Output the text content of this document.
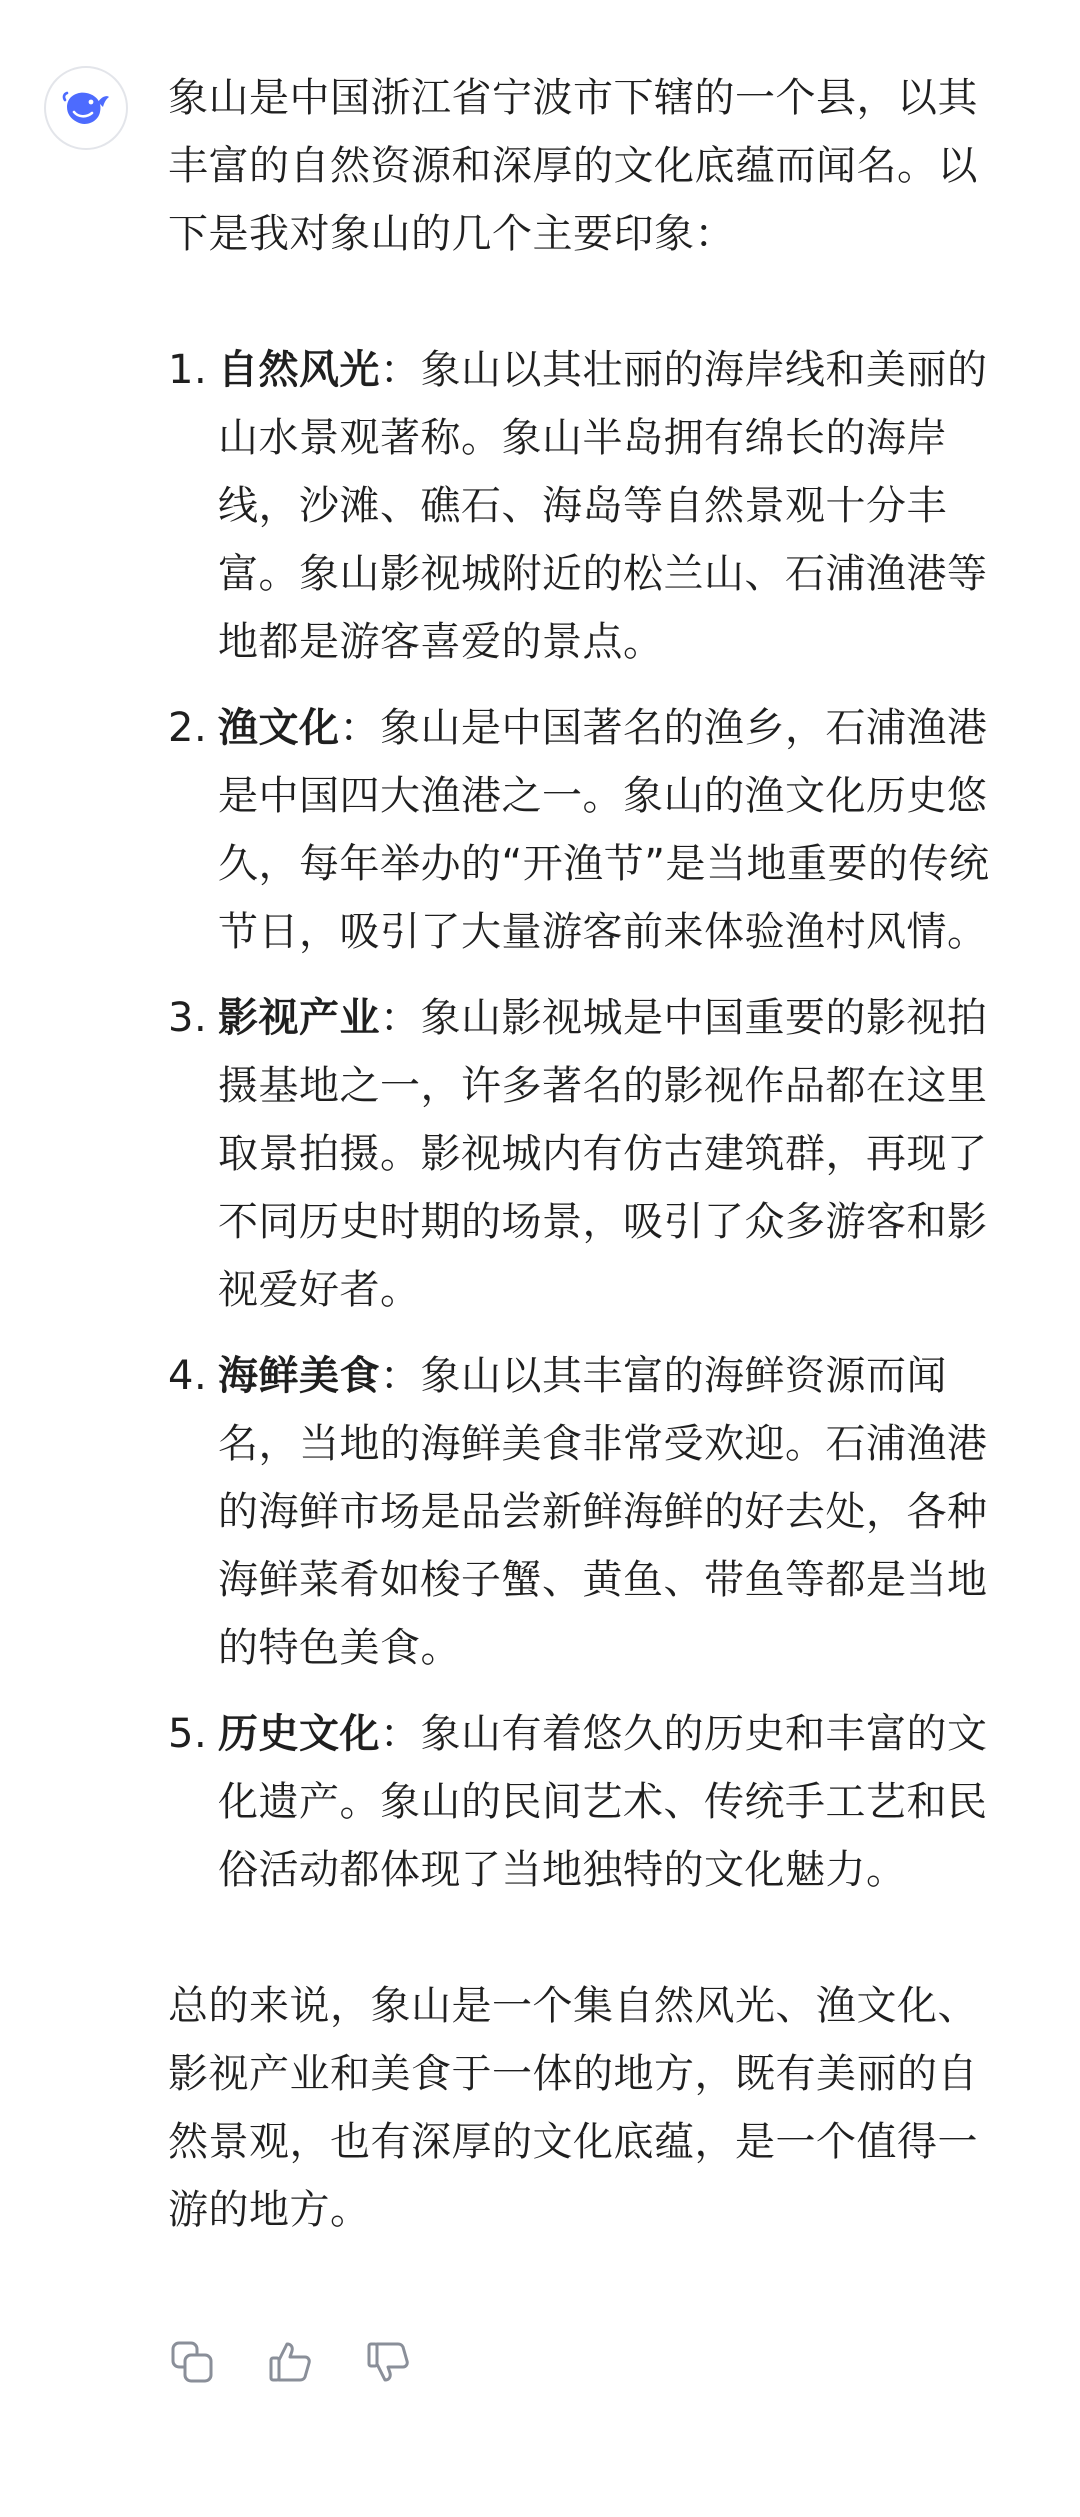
象山是中国浙江省宁波市下辖的一个县，以其丰富的自然资源和深厚的文化底蕴而闻名。以下是我对象山的几个主要印象：

1. 自然风光：象山以其壮丽的海岸线和美丽的山水景观著称。象山半岛拥有绵长的海岸线，沙滩、礁石、海岛等自然景观十分丰富。象山影视城附近的松兰山、石浦渔港等地都是游客喜爱的景点。
2. 渔文化：象山是中国著名的渔乡，石浦渔港是中国四大渔港之一。象山的渔文化历史悠久，每年举办的“开渔节”是当地重要的传统节日，吸引了大量游客前来体验渔村风情。
3. 影视产业：象山影视城是中国重要的影视拍摄基地之一，许多著名的影视作品都在这里取景拍摄。影视城内有仿古建筑群，再现了不同历史时期的场景，吸引了众多游客和影视爱好者。
4. 海鲜美食：象山以其丰富的海鲜资源而闻名，当地的海鲜美食非常受欢迎。石浦渔港的海鲜市场是品尝新鲜海鲜的好去处，各种海鲜菜肴如梭子蟹、黄鱼、带鱼等都是当地的特色美食。
5. 历史文化：象山有着悠久的历史和丰富的文化遗产。象山的民间艺术、传统手工艺和民俗活动都体现了当地独特的文化魅力。

总的来说，象山是一个集自然风光、渔文化、影视产业和美食于一体的地方，既有美丽的自然景观，也有深厚的文化底蕴，是一个值得一游的地方。
